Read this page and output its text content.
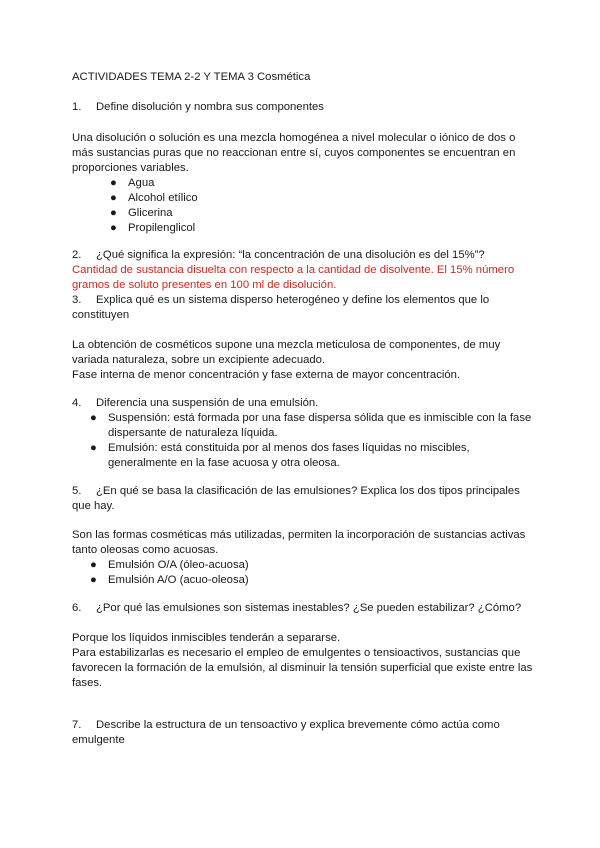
ACTIVIDADES TEMA 2-2 Y TEMA 3 Cosmética
1. Define disolución y nombra sus componentes
Una disolución o solución es una mezcla homogénea a nivel molecular o iónico de dos o
más sustancias puras que no reaccionan entre sí, cuyos componentes se encuentran en
proporciones variables.
● Agua
● Alcohol etílico
● Glicerina
● Propilenglicol
2. ¿Qué significa la expresión: “la concentración de una disolución es del 15%”?
Cantidad de sustancia disuelta con respecto a la cantidad de disolvente. El 15% número
gramos de soluto presentes en 100 ml de disolución.
3. Explica qué es un sistema disperso heterogéneo y define los elementos que lo
constituyen
La obtención de cosméticos supone una mezcla meticulosa de componentes, de muy
variada naturaleza, sobre un excipiente adecuado.
Fase interna de menor concentración y fase externa de mayor concentración.
4. Diferencia una suspensión de una emulsión.
● Suspensión: está formada por una fase dispersa sólida que es inmiscible con la fase
dispersante de naturaleza líquida.
● Emulsión: está constituida por al menos dos fases líquidas no miscibles,
generalmente en la fase acuosa y otra oleosa.
5. ¿En qué se basa la clasificación de las emulsiones? Explica los dos tipos principales
que hay.
Son las formas cosméticas más utilizadas, permiten la incorporación de sustancias activas
tanto oleosas como acuosas.
● Emulsión O/A (óleo-acuosa)
● Emulsión A/O (acuo-oleosa)
6. ¿Por qué las emulsiones son sistemas inestables? ¿Se pueden estabilizar? ¿Cómo?
Porque los líquidos inmiscibles tenderán a separarse.
Para estabilizarlas es necesario el empleo de emulgentes o tensioactivos, sustancias que
favorecen la formación de la emulsión, al disminuir la tensión superficial que existe entre las
fases.
7. Describe la estructura de un tensoactivo y explica brevemente cómo actúa como
emulgente
